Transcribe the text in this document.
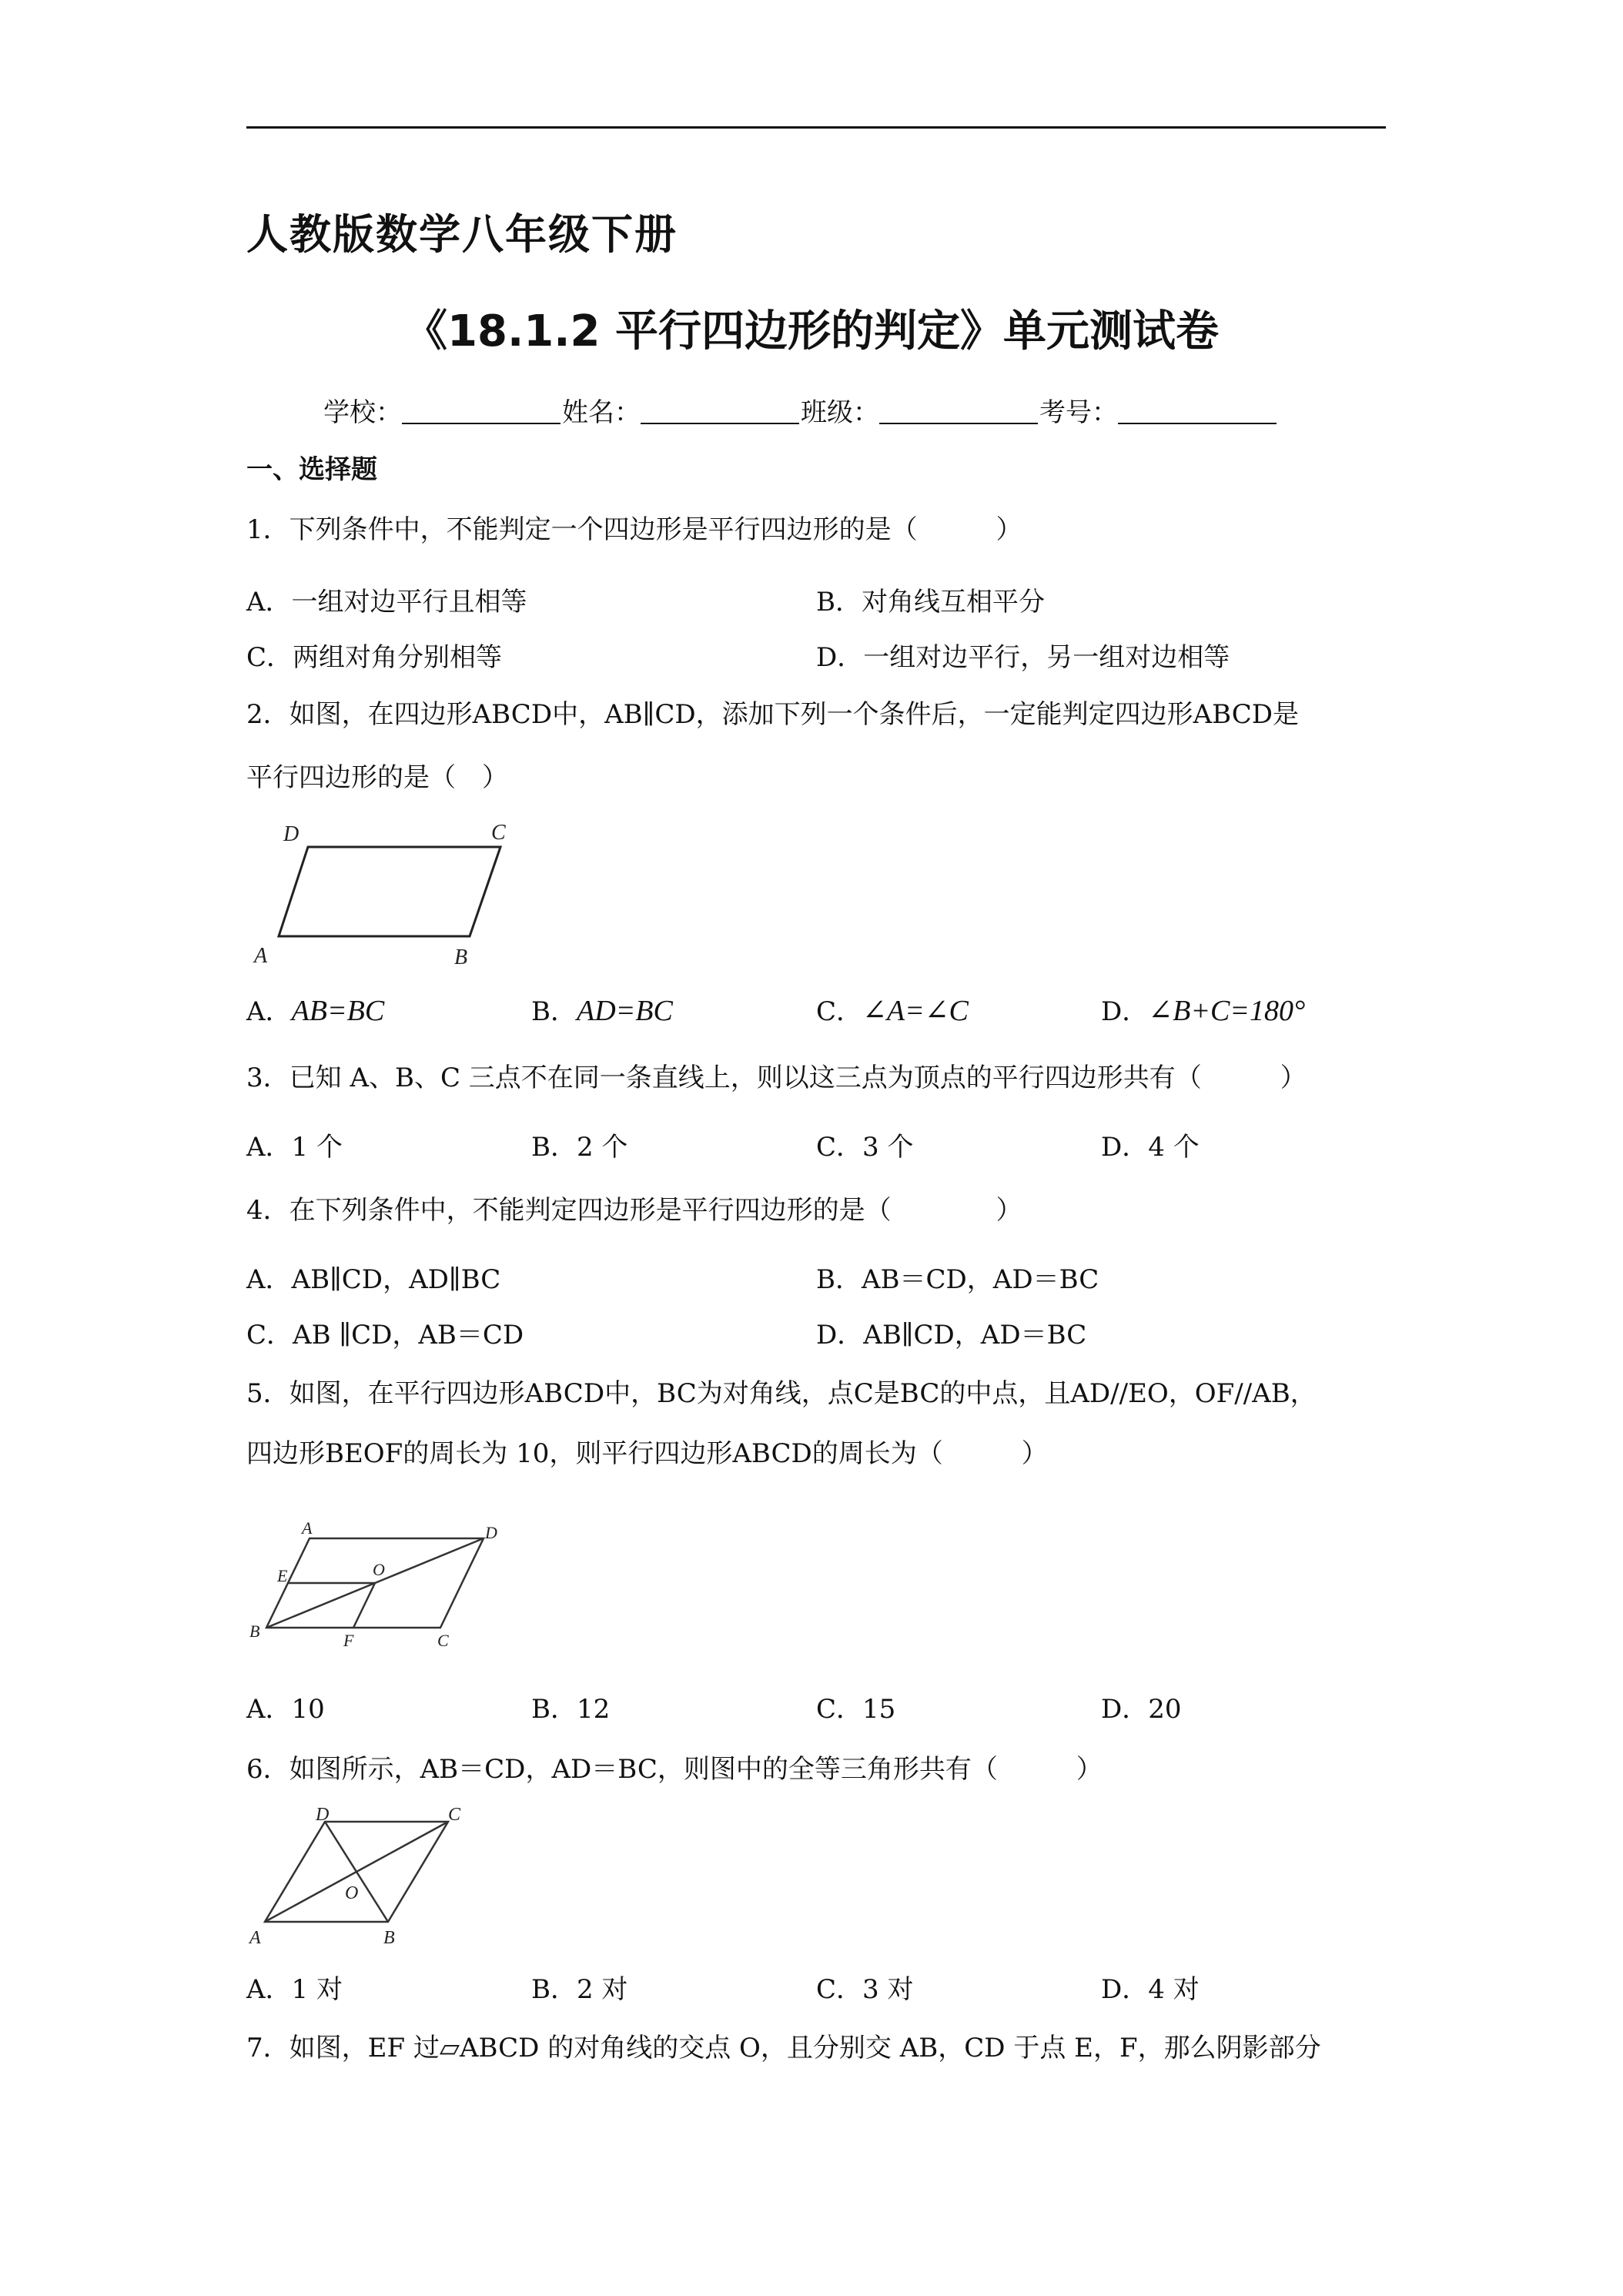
人教版数学八年级下册
《18.1.2 平行四边形的判定》单元测试卷
学校：	姓名：	班级：	考号：
一、选择题
1．下列条件中，不能判定一个四边形是平行四边形的是（　　　）
A．一组对边平行且相等	B．对角线互相平分
C．两组对角分别相等	D．一组对边平行，另一组对边相等
2．如图，在四边形ABCD中，AB∥CD，添加下列一个条件后，一定能判定四边形ABCD是
平行四边形的是（　）
A	B
C
D
A．AB=BC	B．AD=BC	C．∠A=∠C	D．∠B+C=180°
3．已知 A、B、C 三点不在同一条直线上，则以这三点为顶点的平行四边形共有（　　　）
A．1 个	B．2 个	C．3 个	D．4 个
4．在下列条件中，不能判定四边形是平行四边形的是（　　　　）
A．AB∥CD，AD∥BC	B．AB＝CD，AD＝BC
C．AB ∥CD，AB＝CD	D．AB∥CD，AD＝BC
5．如图，在平行四边形ABCD中，BC为对角线，点C是BC的中点，且AD//EO，OF//AB，
四边形BEOF的周长为 10，则平行四边形ABCD的周长为（　　　）
A
B	C
D
E
F
O
A．10	B．12	C．15	D．20
6．如图所示，AB＝CD，AD＝BC，则图中的全等三角形共有（　　　）
A	B
C
D
O
A．1 对	B．2 对	C．3 对	D．4 对
7．如图，EF 过▱ABCD 的对角线的交点 O，且分别交 AB，CD 于点 E，F，那么阴影部分
